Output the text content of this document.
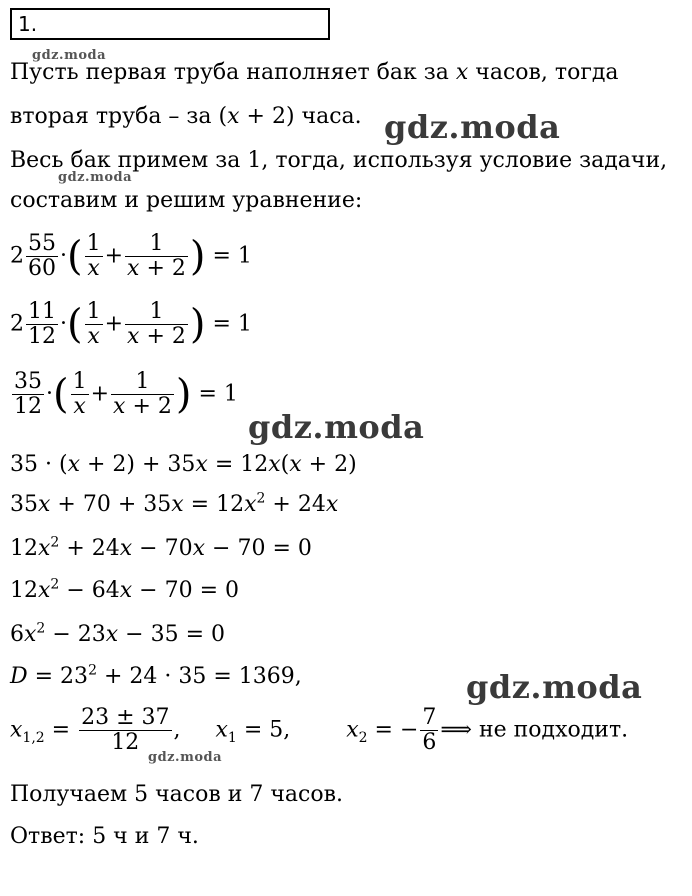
1.
gdz.moda
gdz.moda
gdz.moda
gdz.moda
gdz.moda
gdz.moda
Пусть первая труба наполняет бак за x часов, тогда
вторая труба – за (x + 2) часа.
Весь бак примем за 1, тогда, используя условие задачи,
составим и решим уравнение:
$2 \frac{55}{60}$ ·( $\frac{1}{x} + \frac{1}{x + 2}$ ) = 1
$2 \frac{11}{12}$ ·( $\frac{1}{x} + \frac{1}{x + 2}$ ) = 1
$\frac{35}{12}$ ·( $\frac{1}{x} + \frac{1}{x + 2}$ ) = 1
35 · (x + 2) + 35x = 12x(x + 2)
$35x + 70 + 35x = 12x^2 + 24x$
$12x^2 + 24x - 70x - 70 = 0$
$12x^2 - 64x - 70 = 0$
$6x^2 - 23x - 35 = 0$
$D = 23^2 + 24 \cdot 35 = 1369$,
$x_{1,2} = \frac{23 \pm 37}{12}$ ,     $x_1 = 5$,        $x_2$ = − $\frac{7}{6}$ ⟹ не подходит.
Получаем 5 часов и 7 часов.
Ответ: 5 ч и 7 ч.
